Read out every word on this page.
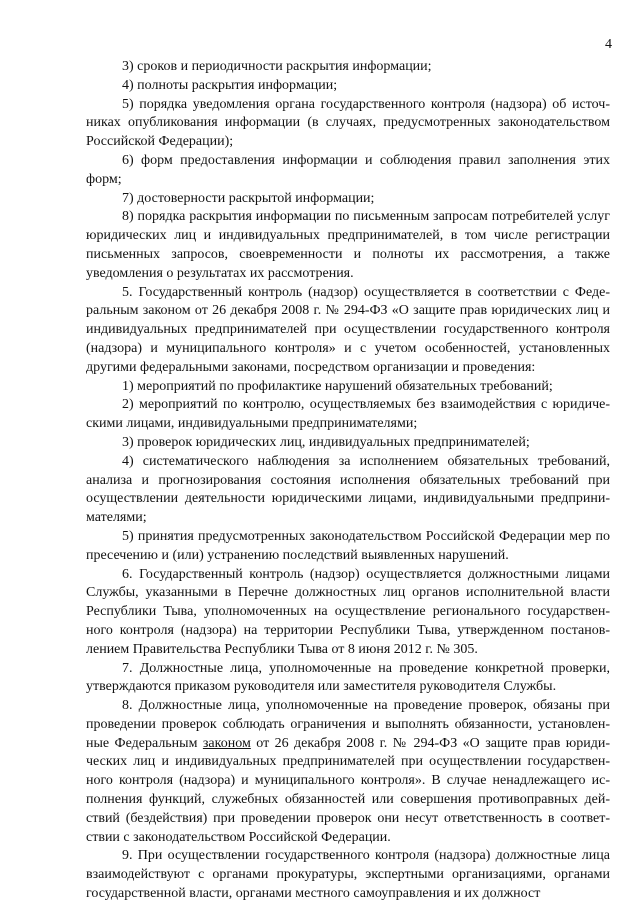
4

3) сроков и периодичности раскрытия информации;

4) полноты раскрытия информации;

5) порядка уведомления органа государственного контроля (надзора) об источниках опубликования информации (в случаях, предусмотренных законодательством Российской Федерации);

6) форм предоставления информации и соблюдения правил заполнения этих форм;

7) достоверности раскрытой информации;

8) порядка раскрытия информации по письменным запросам потребителей услуг юридических лиц и индивидуальных предпринимателей, в том числе регистрации письменных запросов, своевременности и полноты их рассмотрения, а также уведомления о результатах их рассмотрения.

5. Государственный контроль (надзор) осуществляется в соответствии с Федеральным законом от 26 декабря 2008 г. № 294-ФЗ «О защите прав юридических лиц и индивидуальных предпринимателей при осуществлении государственного контроля (надзора) и муниципального контроля» и с учетом особенностей, установленных другими федеральными законами, посредством организации и проведения:

1) мероприятий по профилактике нарушений обязательных требований;

2) мероприятий по контролю, осуществляемых без взаимодействия с юридическими лицами, индивидуальными предпринимателями;

3) проверок юридических лиц, индивидуальных предпринимателей;

4) систематического наблюдения за исполнением обязательных требований, анализа и прогнозирования состояния исполнения обязательных требований при осуществлении деятельности юридическими лицами, индивидуальными предпринимателями;

5) принятия предусмотренных законодательством Российской Федерации мер по пресечению и (или) устранению последствий выявленных нарушений.

6. Государственный контроль (надзор) осуществляется должностными лицами Службы, указанными в Перечне должностных лиц органов исполнительной власти Республики Тыва, уполномоченных на осуществление регионального государственного контроля (надзора) на территории Республики Тыва, утвержденном постановлением Правительства Республики Тыва от 8 июня 2012 г. № 305.

7. Должностные лица, уполномоченные на проведение конкретной проверки, утверждаются приказом руководителя или заместителя руководителя Службы.

8. Должностные лица, уполномоченные на проведение проверок, обязаны при проведении проверок соблюдать ограничения и выполнять обязанности, установленные Федеральным законом от 26 декабря 2008 г. № 294-ФЗ «О защите прав юридических лиц и индивидуальных предпринимателей при осуществлении государственного контроля (надзора) и муниципального контроля». В случае ненадлежащего исполнения функций, служебных обязанностей или совершения противоправных действий (бездействия) при проведении проверок они несут ответственность в соответствии с законодательством Российской Федерации.

9. При осуществлении государственного контроля (надзора) должностные лица взаимодействуют с органами прокуратуры, экспертными организациями, органами государственной власти, органами местного самоуправления и их должност
